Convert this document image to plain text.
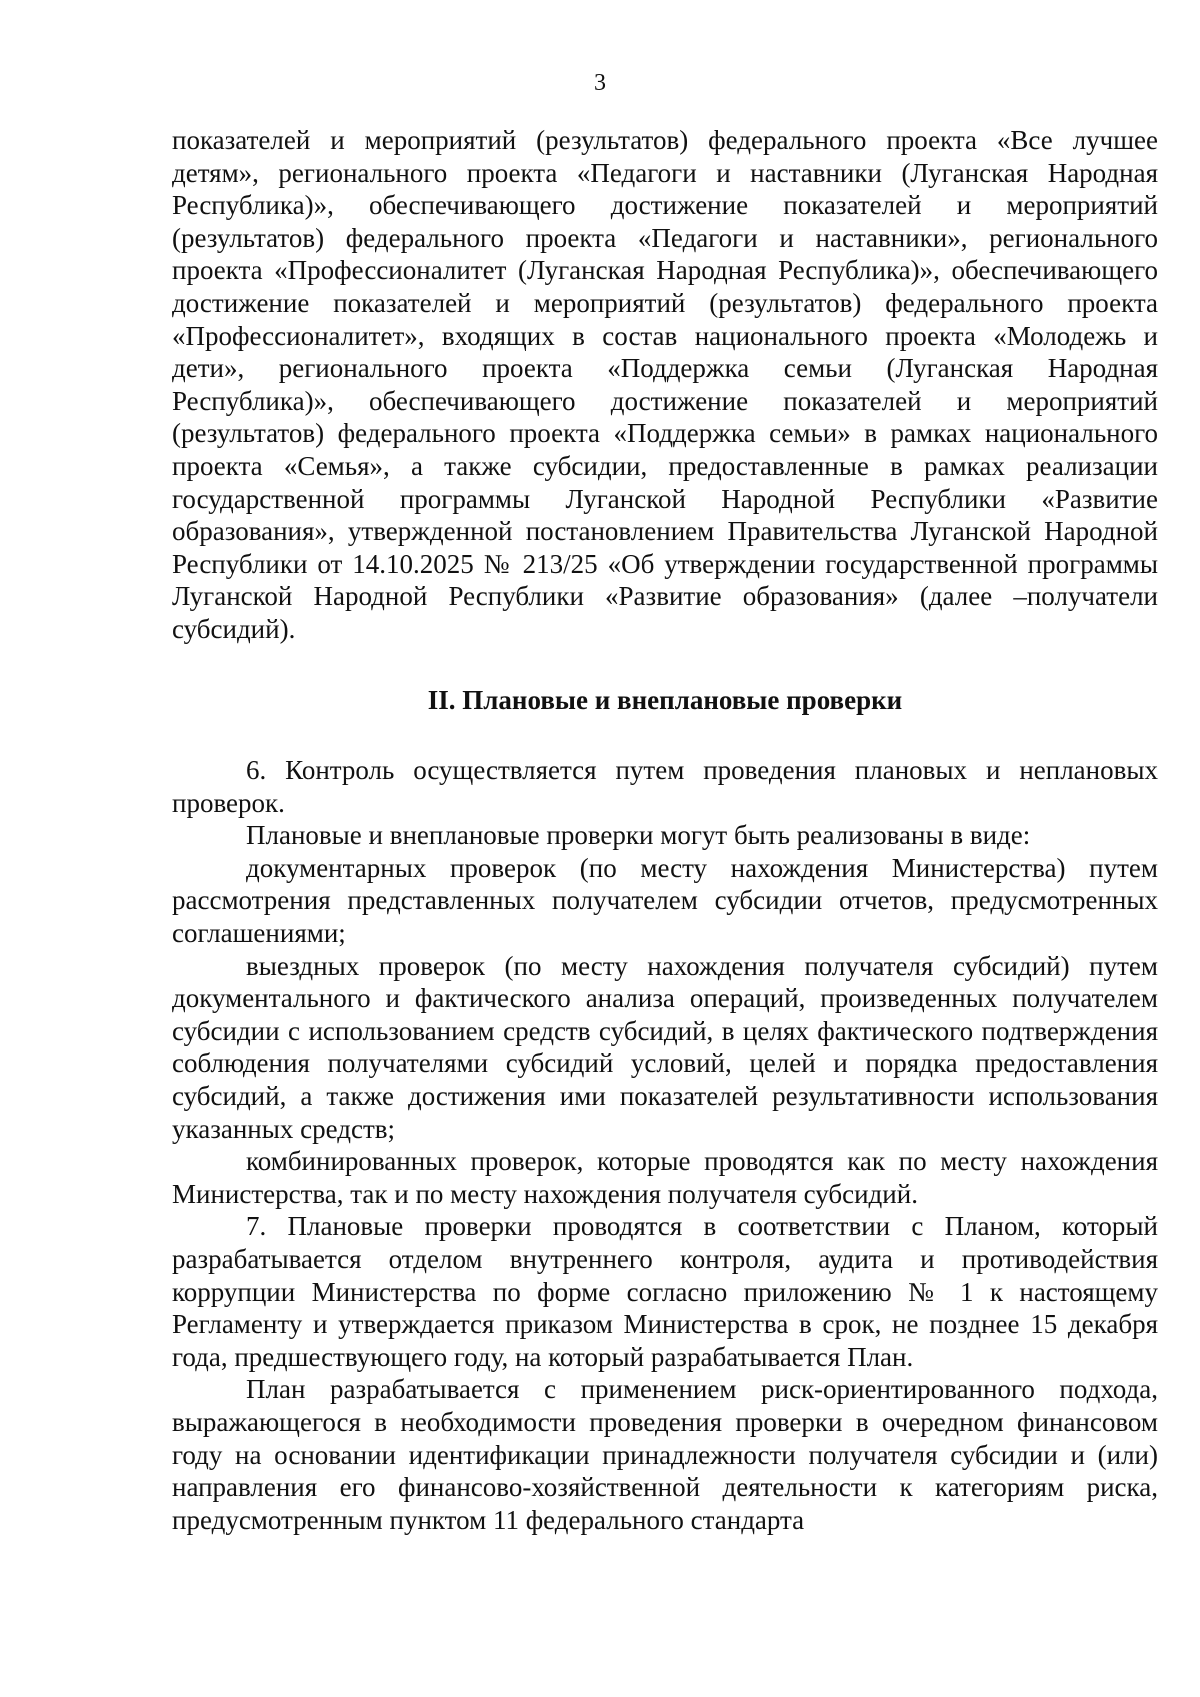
3

показателей и мероприятий (результатов) федерального проекта «Все лучшее детям», регионального проекта «Педагоги и наставники (Луганская Народная Республика)», обеспечивающего достижение показателей и мероприятий (результатов) федерального проекта «Педагоги и наставники», регионального проекта «Профессионалитет (Луганская Народная Республика)», обеспечивающего достижение показателей и мероприятий (результатов) федерального проекта «Профессионалитет», входящих в состав национального проекта «Молодежь и дети», регионального проекта «Поддержка семьи (Луганская Народная Республика)», обеспечивающего достижение показателей и мероприятий (результатов) федерального проекта «Поддержка семьи» в рамках национального проекта «Семья», а также субсидии, предоставленные в рамках реализации государственной программы Луганской Народной Республики «Развитие образования», утвержденной постановлением Правительства Луганской Народной Республики от 14.10.2025 № 213/25 «Об утверждении государственной программы Луганской Народной Республики «Развитие образования» (далее –получатели субсидий).

II. Плановые и внеплановые проверки

6. Контроль осуществляется путем проведения плановых и неплановых проверок.

Плановые и внеплановые проверки могут быть реализованы в виде:

документарных проверок (по месту нахождения Министерства) путем рассмотрения представленных получателем субсидии отчетов, предусмотренных соглашениями;

выездных проверок (по месту нахождения получателя субсидий) путем документального и фактического анализа операций, произведенных получателем субсидии с использованием средств субсидий, в целях фактического подтверждения соблюдения получателями субсидий условий, целей и порядка предоставления субсидий, а также достижения ими показателей результативности использования указанных средств;

комбинированных проверок, которые проводятся как по месту нахождения Министерства, так и по месту нахождения получателя субсидий.

7. Плановые проверки проводятся в соответствии с Планом, который разрабатывается отделом внутреннего контроля, аудита и противодействия коррупции Министерства по форме согласно приложению № 1 к настоящему Регламенту и утверждается приказом Министерства в срок, не позднее 15 декабря года, предшествующего году, на который разрабатывается План.

План разрабатывается с применением риск-ориентированного подхода, выражающегося в необходимости проведения проверки в очередном финансовом году на основании идентификации принадлежности получателя субсидии и (или) направления его финансово-хозяйственной деятельности к категориям риска, предусмотренным пунктом 11 федерального стандарта
